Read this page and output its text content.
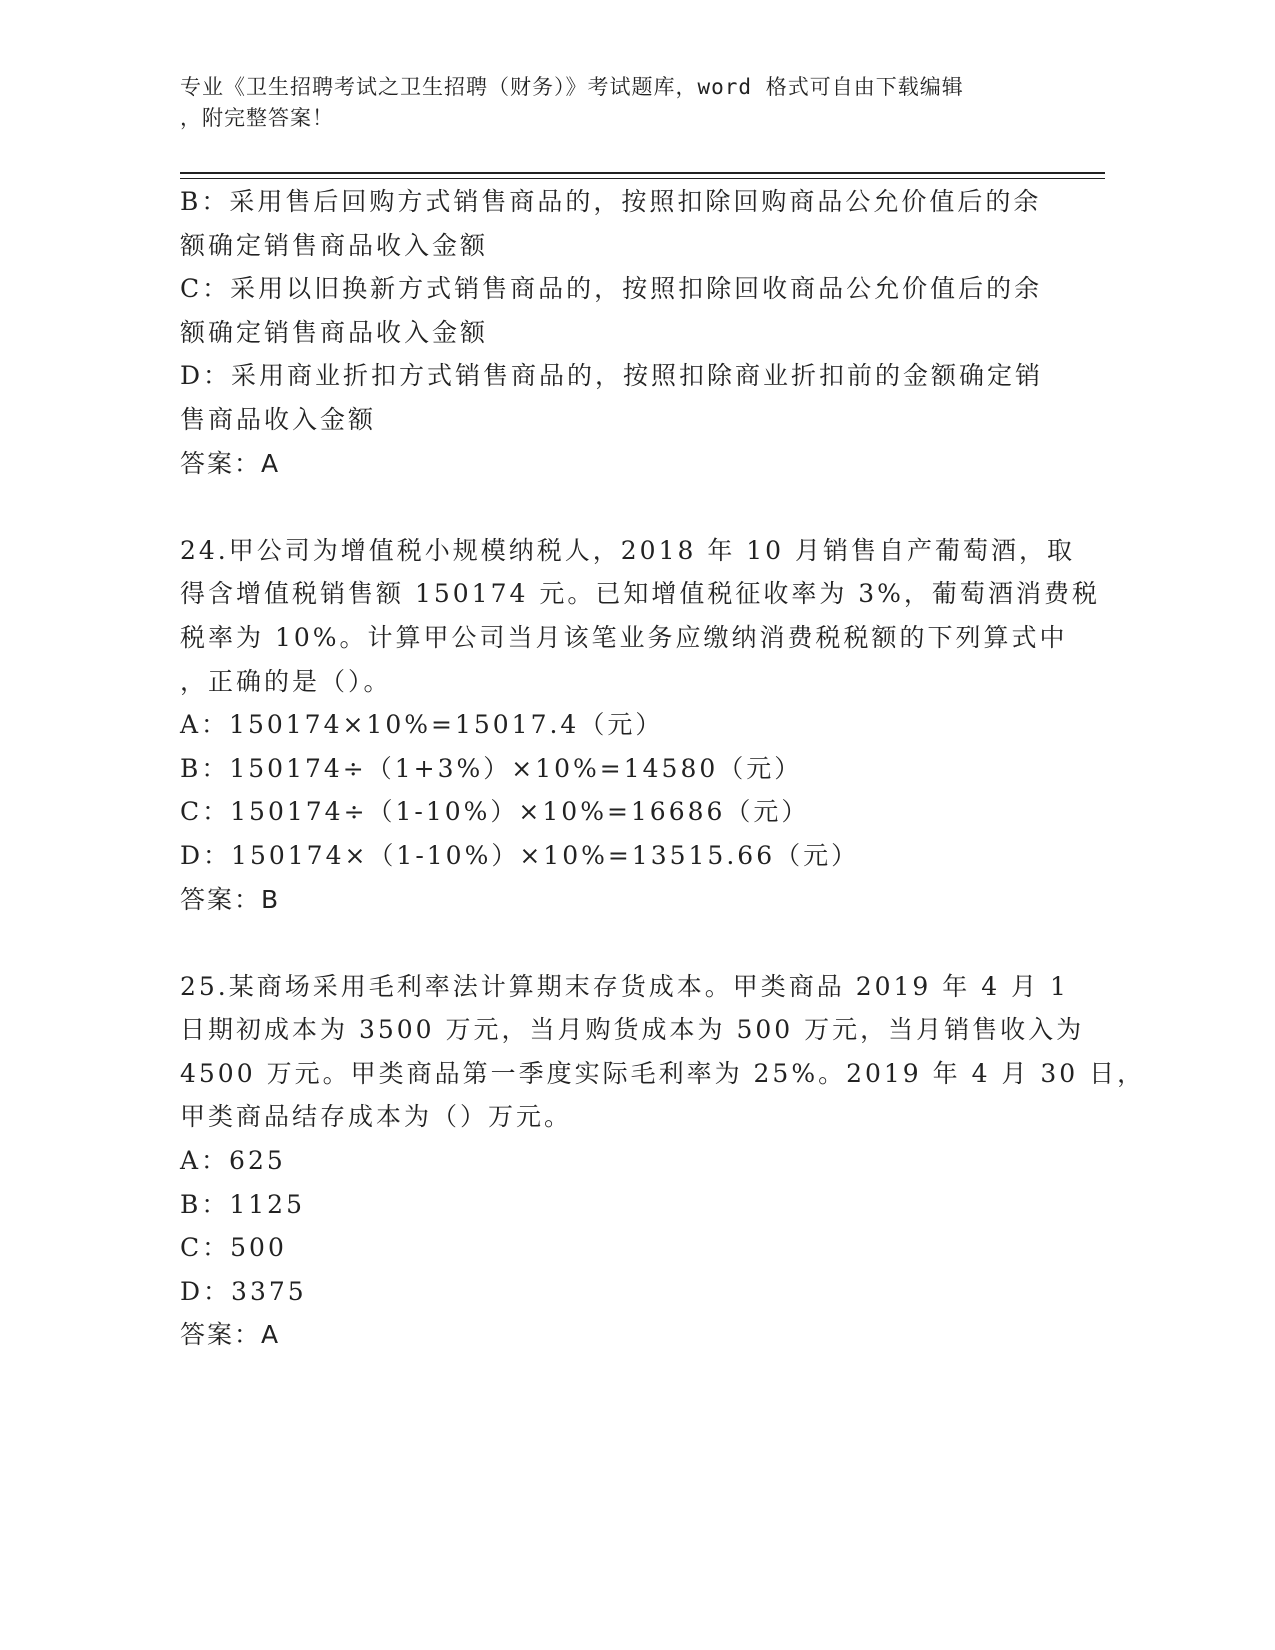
专业《卫生招聘考试之卫生招聘（财务）》考试题库，word 格式可自由下载编辑
，附完整答案！
B：采用售后回购方式销售商品的，按照扣除回购商品公允价值后的余
额确定销售商品收入金额
C：采用以旧换新方式销售商品的，按照扣除回收商品公允价值后的余
额确定销售商品收入金额
D：采用商业折扣方式销售商品的，按照扣除商业折扣前的金额确定销
售商品收入金额
答案：A
24.甲公司为增值税小规模纳税人，2018 年 10 月销售自产葡萄酒，取
得含增值税销售额 150174 元。已知增值税征收率为 3%，葡萄酒消费税
税率为 10%。计算甲公司当月该笔业务应缴纳消费税税额的下列算式中
，正确的是（）。
A：150174×10%=15017.4（元）
B：150174÷（1+3%）×10%=14580（元）
C：150174÷（1-10%）×10%=16686（元）
D：150174×（1-10%）×10%=13515.66（元）
答案：B
25.某商场采用毛利率法计算期末存货成本。甲类商品 2019 年 4 月 1
日期初成本为 3500 万元，当月购货成本为 500 万元，当月销售收入为
4500 万元。甲类商品第一季度实际毛利率为 25%。2019 年 4 月 30 日，
甲类商品结存成本为（）万元。
A：625
B：1125
C：500
D：3375
答案：A
